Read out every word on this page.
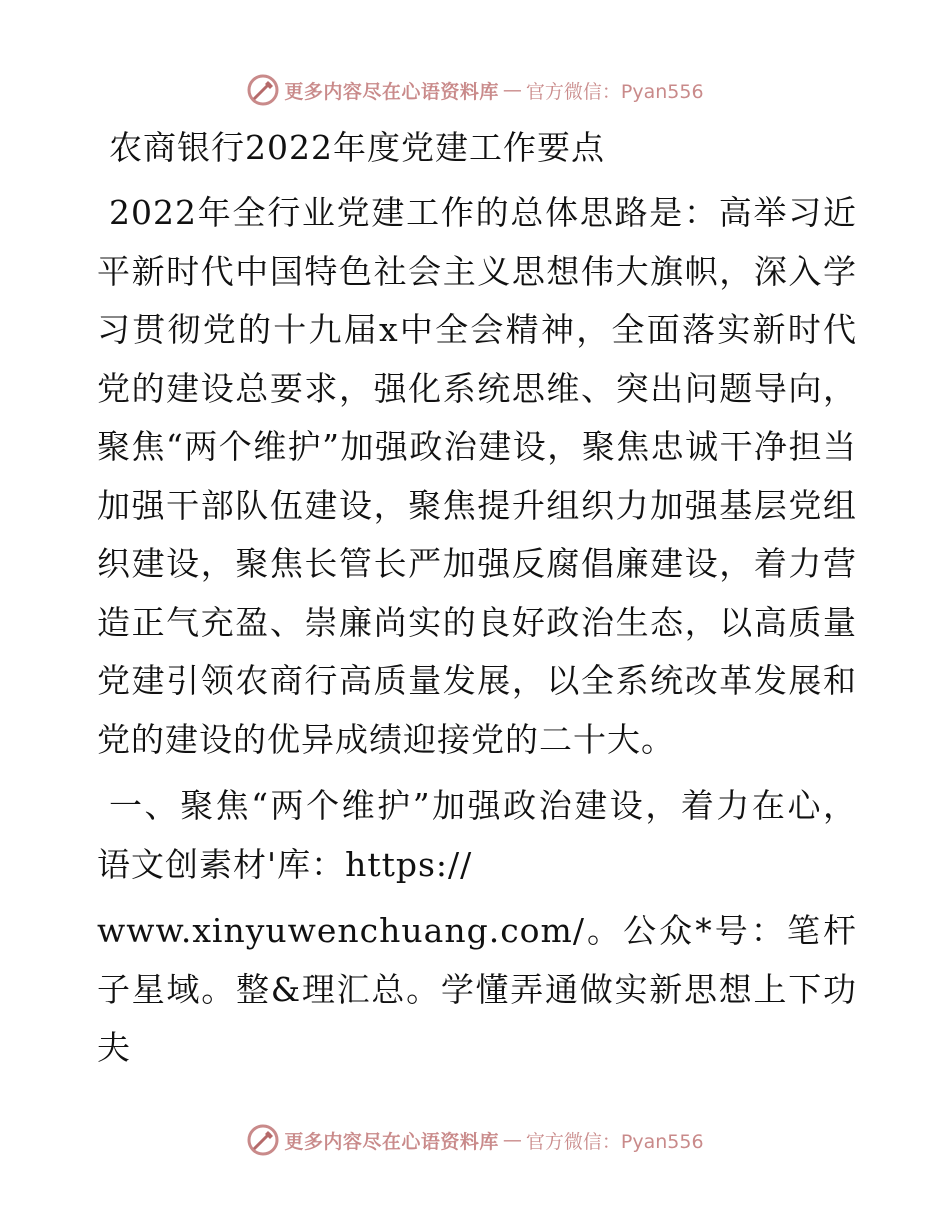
更多内容尽在心语资料库 — 官方微信：Pyan556
农商银行2022年度党建工作要点

2022年全行业党建工作的总体思路是：高举习近平新时代中国特色社会主义思想伟大旗帜，深入学习贯彻党的十九届x中全会精神，全面落实新时代党的建设总要求，强化系统思维、突出问题导向，聚焦“两个维护”加强政治建设，聚焦忠诚干净担当加强干部队伍建设，聚焦提升组织力加强基层党组织建设，聚焦长管长严加强反腐倡廉建设，着力营造正气充盈、崇廉尚实的良好政治生态，以高质量党建引领农商行高质量发展，以全系统改革发展和党的建设的优异成绩迎接党的二十大。

一、聚焦“两个维护”加强政治建设，着力在心，语文创素材'库：https://

www.xinyuwenchuang.com/。公众*号：笔杆子星域。整&理汇总。学懂弄通做实新思想上下功夫

更多内容尽在心语资料库 — 官方微信：Pyan556
